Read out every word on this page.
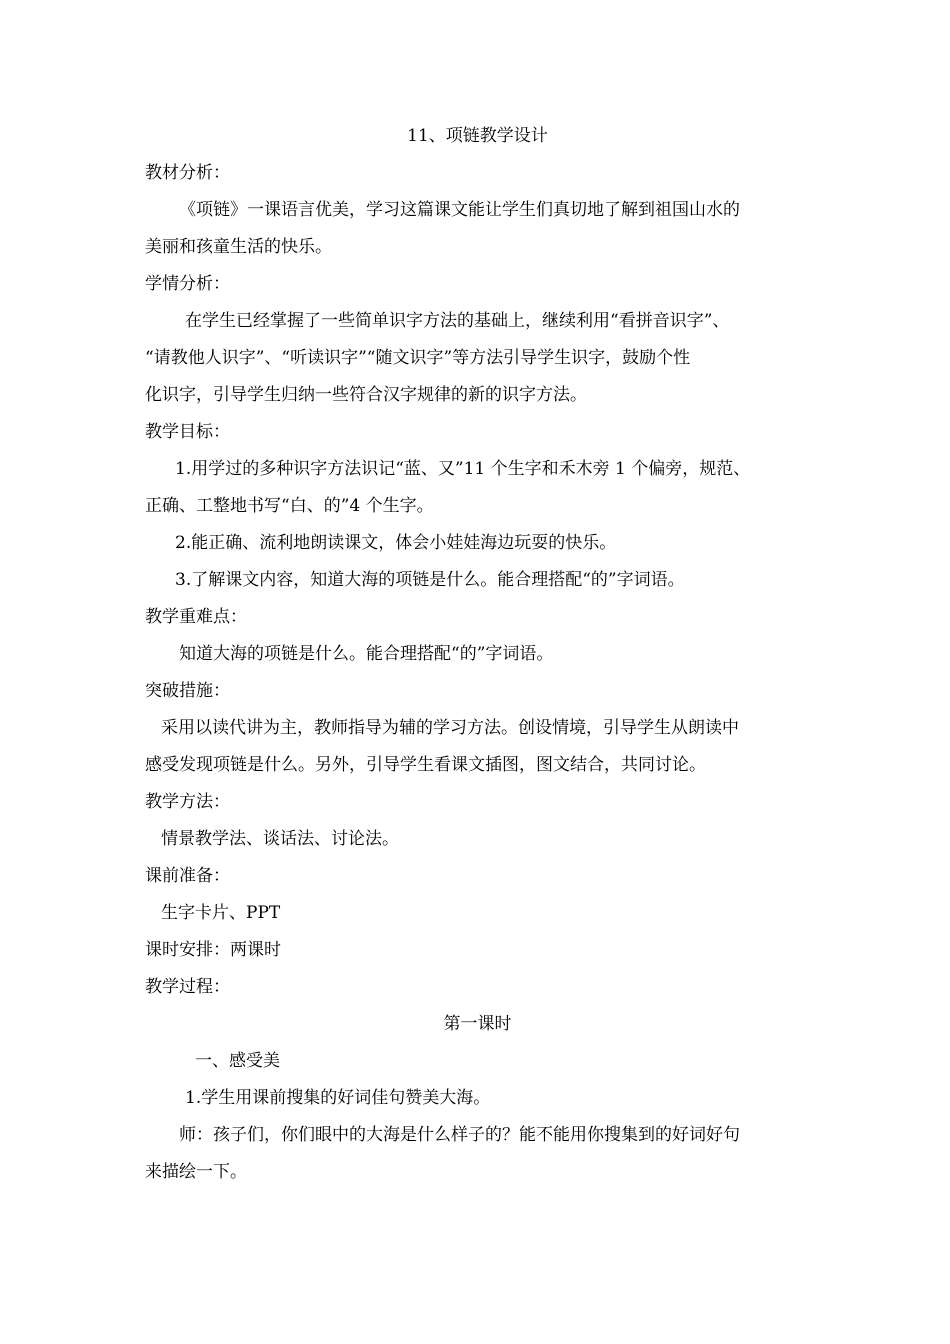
11、项链教学设计
教材分析：
《项链》一课语言优美，学习这篇课文能让学生们真切地了解到祖国山水的
美丽和孩童生活的快乐。
学情分析：
在学生已经掌握了一些简单识字方法的基础上，继续利用“看拼音识字”、
“请教他人识字”、“听读识字”“随文识字”等方法引导学生识字，鼓励个性
化识字，引导学生归纳一些符合汉字规律的新的识字方法。
教学目标：
1.用学过的多种识字方法识记“蓝、又”11 个生字和禾木旁 1 个偏旁，规范、
正确、工整地书写“白、的”4 个生字。
2.能正确、流利地朗读课文，体会小娃娃海边玩耍的快乐。
3.了解课文内容，知道大海的项链是什么。能合理搭配“的”字词语。
教学重难点：
知道大海的项链是什么。能合理搭配“的”字词语。
突破措施：
采用以读代讲为主，教师指导为辅的学习方法。创设情境，引导学生从朗读中
感受发现项链是什么。另外，引导学生看课文插图，图文结合，共同讨论。
教学方法：
情景教学法、谈话法、讨论法。
课前准备：
生字卡片、PPT
课时安排：两课时
教学过程：
第一课时
一、感受美
1.学生用课前搜集的好词佳句赞美大海。
师：孩子们，你们眼中的大海是什么样子的？能不能用你搜集到的好词好句
来描绘一下。
